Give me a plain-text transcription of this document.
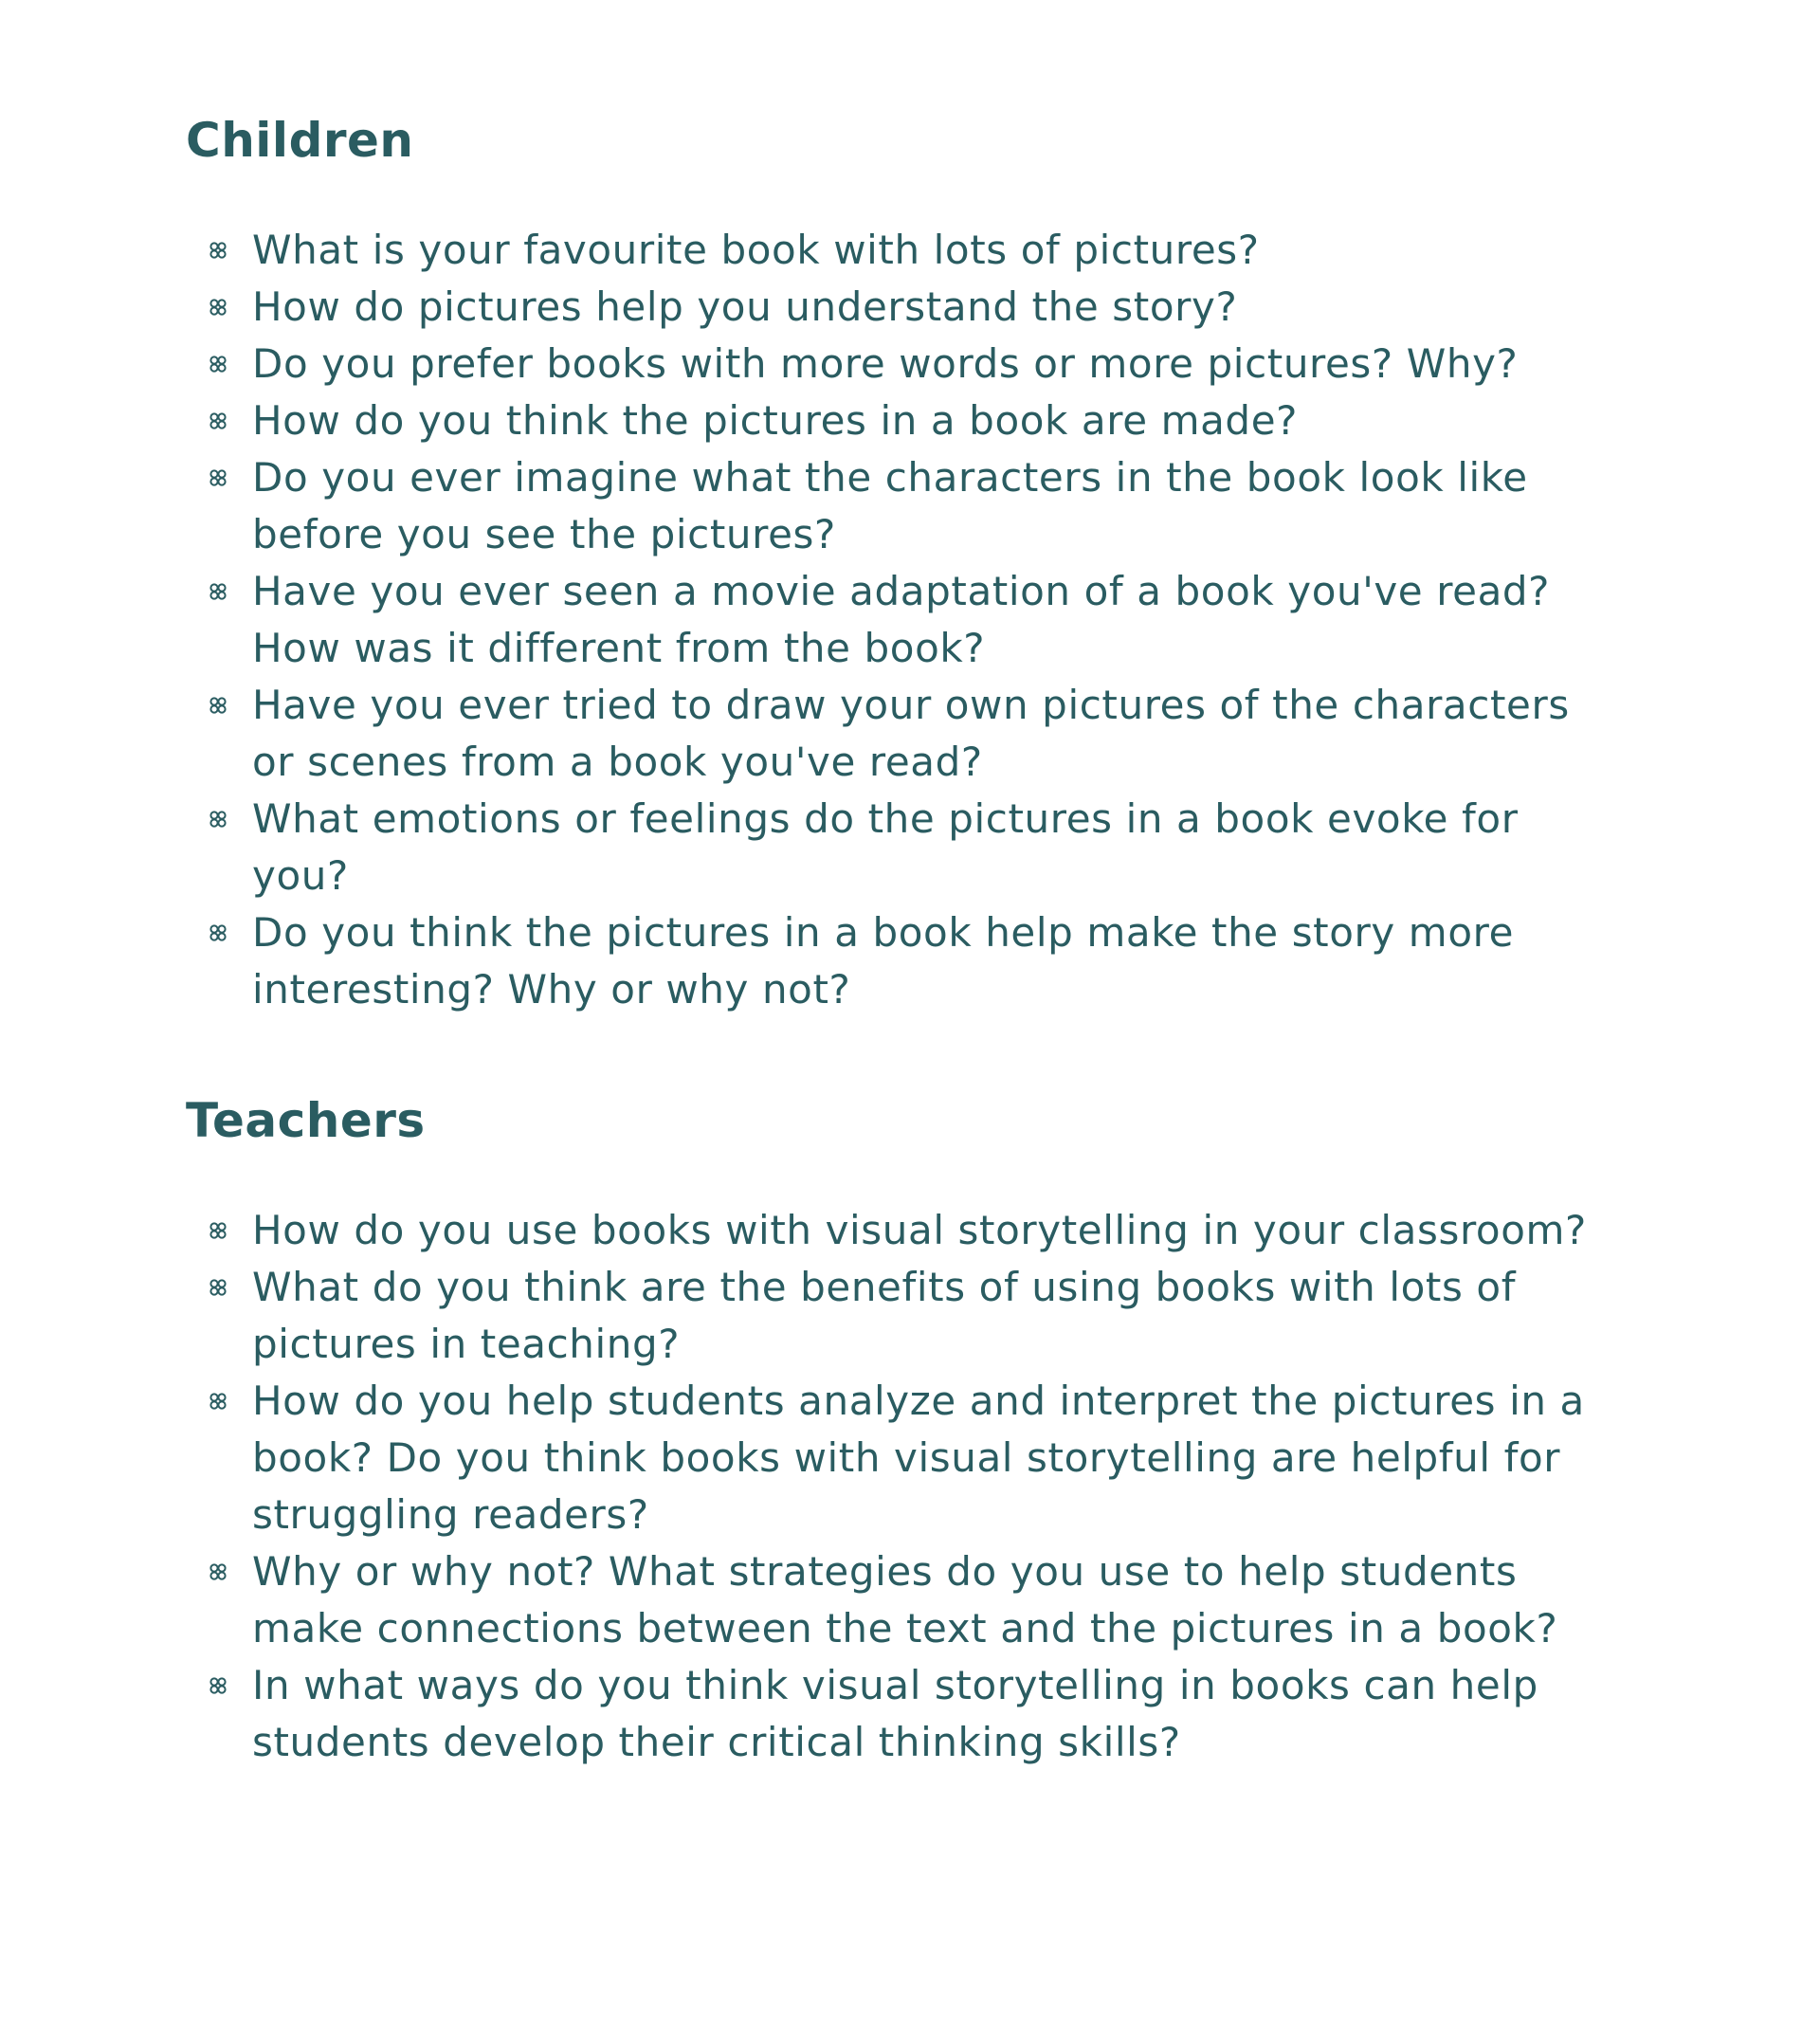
Children
What is your favourite book with lots of pictures?
How do pictures help you understand the story?
Do you prefer books with more words or more pictures? Why?
How do you think the pictures in a book are made?
Do you ever imagine what the characters in the book look like before you see the pictures?
Have you ever seen a movie adaptation of a book you've read? How was it different from the book?
Have you ever tried to draw your own pictures of the characters or scenes from a book you've read?
What emotions or feelings do the pictures in a book evoke for you?
Do you think the pictures in a book help make the story more interesting? Why or why not?
Teachers
How do you use books with visual storytelling in your classroom?
What do you think are the benefits of using books with lots of pictures in teaching?
How do you help students analyze and interpret the pictures in a book? Do you think books with visual storytelling are helpful for struggling readers?
Why or why not? What strategies do you use to help students make connections between the text and the pictures in a book?
In what ways do you think visual storytelling in books can help students develop their critical thinking skills?
